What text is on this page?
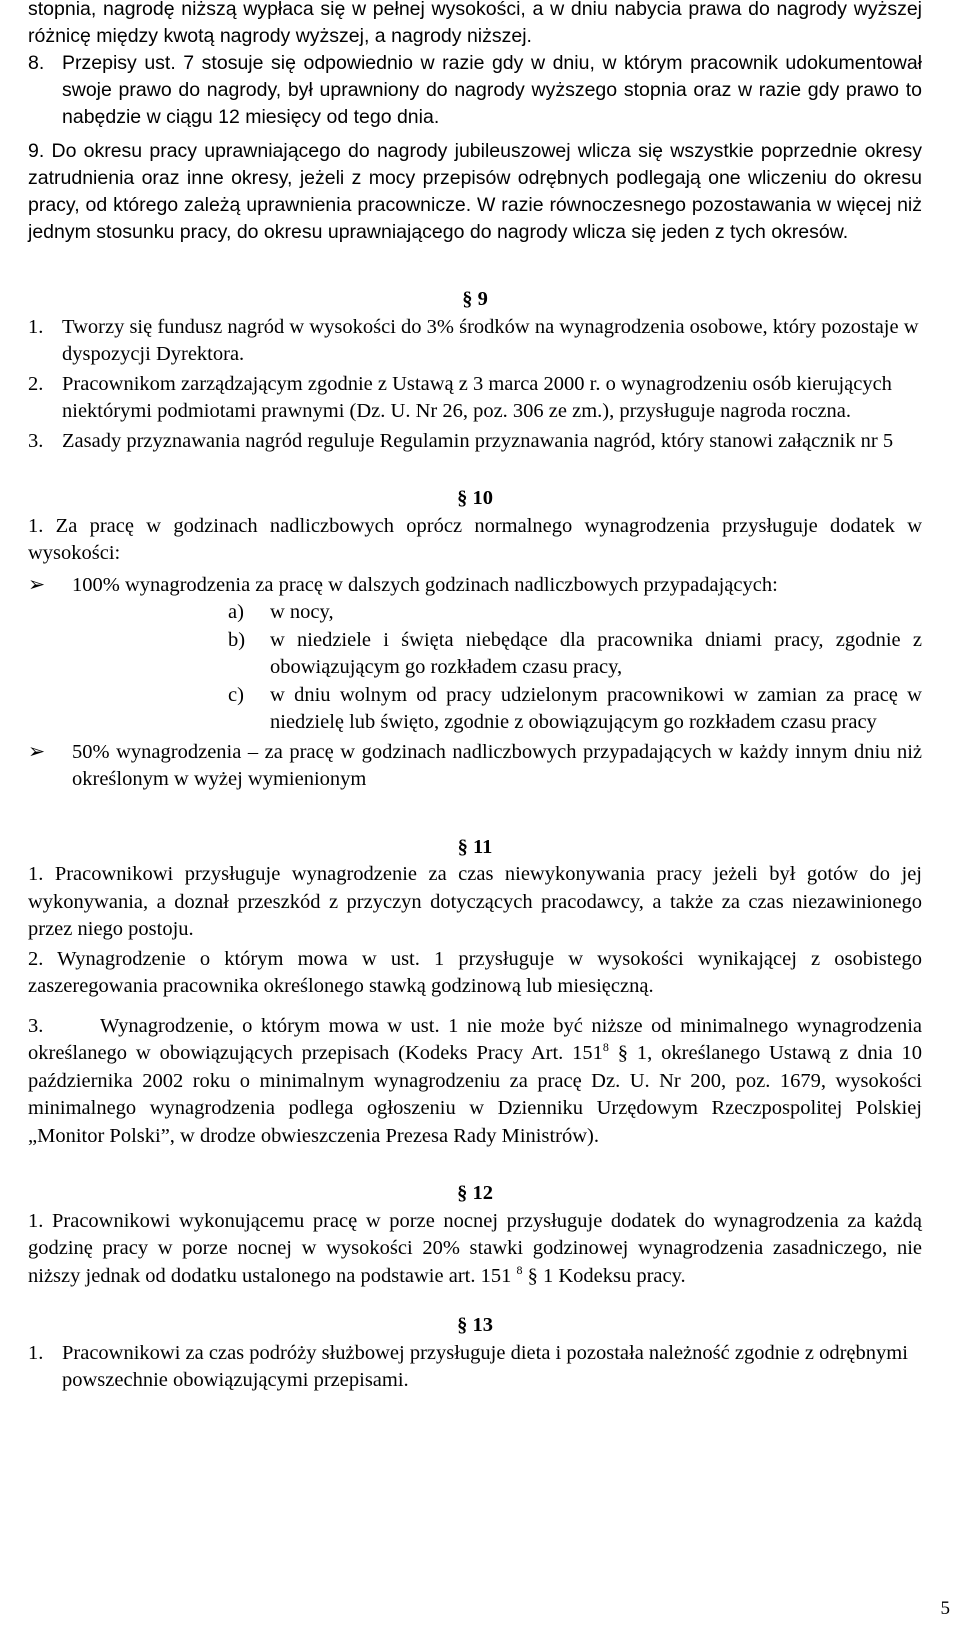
stopnia, nagrodę niższą wypłaca się w pełnej wysokości, a w dniu nabycia prawa do nagrody wyższej różnicę między kwotą nagrody wyższej, a nagrody niższej.

8. Przepisy ust. 7 stosuje się odpowiednio w razie gdy w dniu, w którym pracownik udokumentował swoje prawo do nagrody, był uprawniony do nagrody wyższego stopnia oraz w razie gdy prawo to nabędzie w ciągu 12 miesięcy od tego dnia.

9. Do okresu pracy uprawniającego do nagrody jubileuszowej wlicza się wszystkie poprzednie okresy zatrudnienia oraz inne okresy, jeżeli z mocy przepisów odrębnych podlegają one wliczeniu do okresu pracy, od którego zależą uprawnienia pracownicze. W razie równoczesnego pozostawania w więcej niż jednym stosunku pracy, do okresu uprawniającego do nagrody wlicza się jeden z tych okresów.

§ 9

1. Tworzy się fundusz nagród w wysokości do 3% środków na wynagrodzenia osobowe, który pozostaje w dyspozycji Dyrektora.

2. Pracownikom zarządzającym zgodnie z Ustawą z 3 marca 2000 r. o wynagrodzeniu osób kierujących niektórymi podmiotami prawnymi (Dz. U. Nr 26, poz. 306 ze zm.), przysługuje nagroda roczna.

3. Zasady przyznawania nagród reguluje Regulamin przyznawania nagród, który stanowi załącznik nr 5

§ 10

1. Za pracę w godzinach nadliczbowych oprócz normalnego wynagrodzenia przysługuje dodatek w wysokości:

➢ 100% wynagrodzenia za pracę w dalszych godzinach nadliczbowych przypadających:

a) w nocy,

b) w niedziele i święta niebędące dla pracownika dniami pracy, zgodnie z obowiązującym go rozkładem czasu pracy,

c) w dniu wolnym od pracy udzielonym pracownikowi w zamian za pracę w niedzielę lub święto, zgodnie z obowiązującym go rozkładem czasu pracy

➢ 50% wynagrodzenia – za pracę w godzinach nadliczbowych przypadających w każdy innym dniu niż określonym w wyżej wymienionym

§ 11

1. Pracownikowi przysługuje wynagrodzenie za czas niewykonywania pracy jeżeli był gotów do jej wykonywania, a doznał przeszkód z przyczyn dotyczących pracodawcy, a także za czas niezawinionego przez niego postoju.

2. Wynagrodzenie o którym mowa w ust. 1 przysługuje w wysokości wynikającej z osobistego zaszeregowania pracownika określonego stawką godzinową lub miesięczną.

3.	Wynagrodzenie, o którym mowa w ust. 1 nie może być niższe od minimalnego wynagrodzenia określanego w obowiązujących przepisach (Kodeks Pracy Art. $151^8$ § 1, określanego Ustawą z dnia 10 października 2002 roku o minimalnym wynagrodzeniu za pracę Dz. U. Nr 200, poz. 1679, wysokości minimalnego wynagrodzenia podlega ogłoszeniu w Dzienniku Urzędowym Rzeczpospolitej Polskiej „Monitor Polski”, w drodze obwieszczenia Prezesa Rady Ministrów).

§ 12

1. Pracownikowi wykonującemu pracę w porze nocnej przysługuje dodatek do wynagrodzenia za każdą godzinę pracy w porze nocnej w wysokości 20% stawki godzinowej wynagrodzenia zasadniczego, nie niższy jednak od dodatku ustalonego na podstawie art. 151 $^8$ § 1 Kodeksu pracy.

§ 13

1. Pracownikowi za czas podróży służbowej przysługuje dieta i pozostała należność zgodnie z odrębnymi powszechnie obowiązującymi przepisami.

5
